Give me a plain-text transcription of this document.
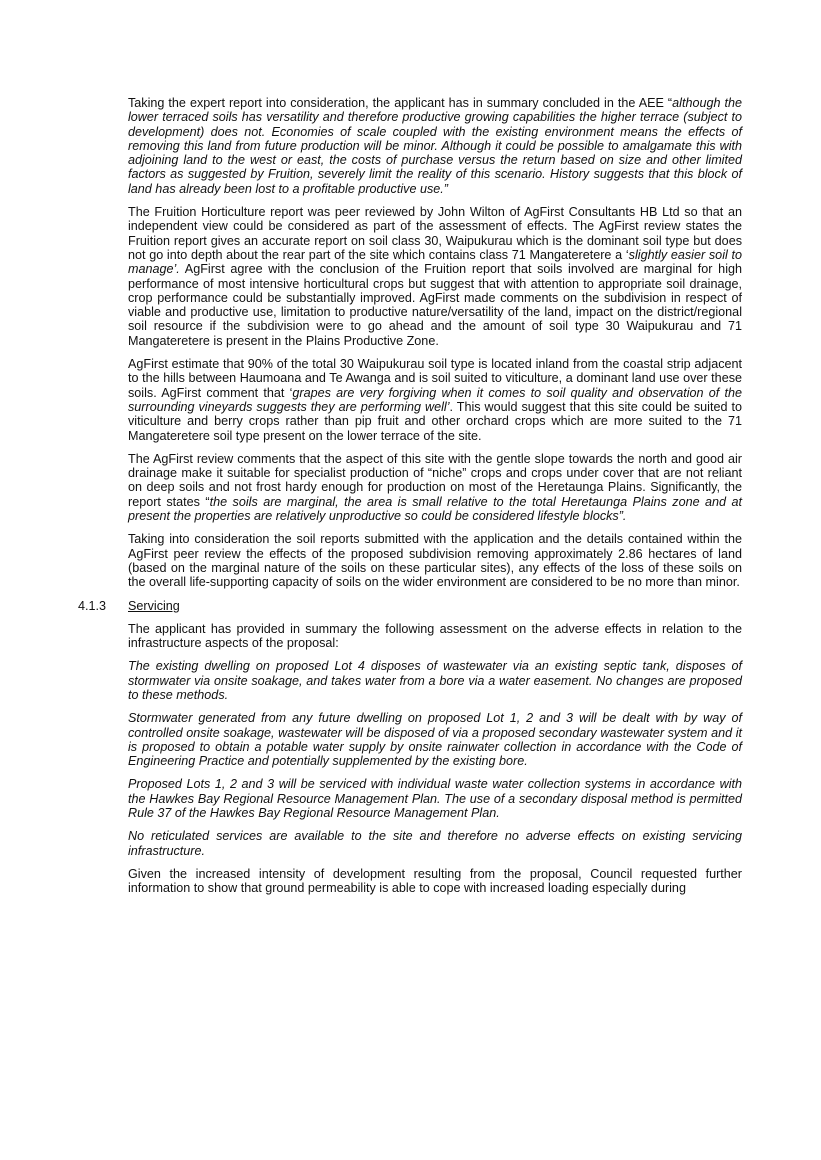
Taking the expert report into consideration, the applicant has in summary concluded in the AEE “although the lower terraced soils has versatility and therefore productive growing capabilities the higher terrace (subject to development) does not. Economies of scale coupled with the existing environment means the effects of removing this land from future production will be minor. Although it could be possible to amalgamate this with adjoining land to the west or east, the costs of purchase versus the return based on size and other limited factors as suggested by Fruition, severely limit the reality of this scenario. History suggests that this block of land has already been lost to a profitable productive use.”

The Fruition Horticulture report was peer reviewed by John Wilton of AgFirst Consultants HB Ltd so that an independent view could be considered as part of the assessment of effects. The AgFirst review states the Fruition report gives an accurate report on soil class 30, Waipukurau which is the dominant soil type but does not go into depth about the rear part of the site which contains class 71 Mangateretere a ‘slightly easier soil to manage’. AgFirst agree with the conclusion of the Fruition report that soils involved are marginal for high performance of most intensive horticultural crops but suggest that with attention to appropriate soil drainage, crop performance could be substantially improved. AgFirst made comments on the subdivision in respect of viable and productive use, limitation to productive nature/versatility of the land, impact on the district/regional soil resource if the subdivision were to go ahead and the amount of soil type 30 Waipukurau and 71 Mangateretere is present in the Plains Productive Zone.

AgFirst estimate that 90% of the total 30 Waipukurau soil type is located inland from the coastal strip adjacent to the hills between Haumoana and Te Awanga and is soil suited to viticulture, a dominant land use over these soils. AgFirst comment that ‘grapes are very forgiving when it comes to soil quality and observation of the surrounding vineyards suggests they are performing well’. This would suggest that this site could be suited to viticulture and berry crops rather than pip fruit and other orchard crops which are more suited to the 71 Mangateretere soil type present on the lower terrace of the site.

The AgFirst review comments that the aspect of this site with the gentle slope towards the north and good air drainage make it suitable for specialist production of “niche” crops and crops under cover that are not reliant on deep soils and not frost hardy enough for production on most of the Heretaunga Plains. Significantly, the report states “the soils are marginal, the area is small relative to the total Heretaunga Plains zone and at present the properties are relatively unproductive so could be considered lifestyle blocks”.

Taking into consideration the soil reports submitted with the application and the details contained within the AgFirst peer review the effects of the proposed subdivision removing approximately 2.86 hectares of land (based on the marginal nature of the soils on these particular sites), any effects of the loss of these soils on the overall life-supporting capacity of soils on the wider environment are considered to be no more than minor.

4.1.3 Servicing

The applicant has provided in summary the following assessment on the adverse effects in relation to the infrastructure aspects of the proposal:

The existing dwelling on proposed Lot 4 disposes of wastewater via an existing septic tank, disposes of stormwater via onsite soakage, and takes water from a bore via a water easement. No changes are proposed to these methods.

Stormwater generated from any future dwelling on proposed Lot 1, 2 and 3 will be dealt with by way of controlled onsite soakage, wastewater will be disposed of via a proposed secondary wastewater system and it is proposed to obtain a potable water supply by onsite rainwater collection in accordance with the Code of Engineering Practice and potentially supplemented by the existing bore.

Proposed Lots 1, 2 and 3 will be serviced with individual waste water collection systems in accordance with the Hawkes Bay Regional Resource Management Plan. The use of a secondary disposal method is permitted Rule 37 of the Hawkes Bay Regional Resource Management Plan.

No reticulated services are available to the site and therefore no adverse effects on existing servicing infrastructure.

Given the increased intensity of development resulting from the proposal, Council requested further information to show that ground permeability is able to cope with increased loading especially during
